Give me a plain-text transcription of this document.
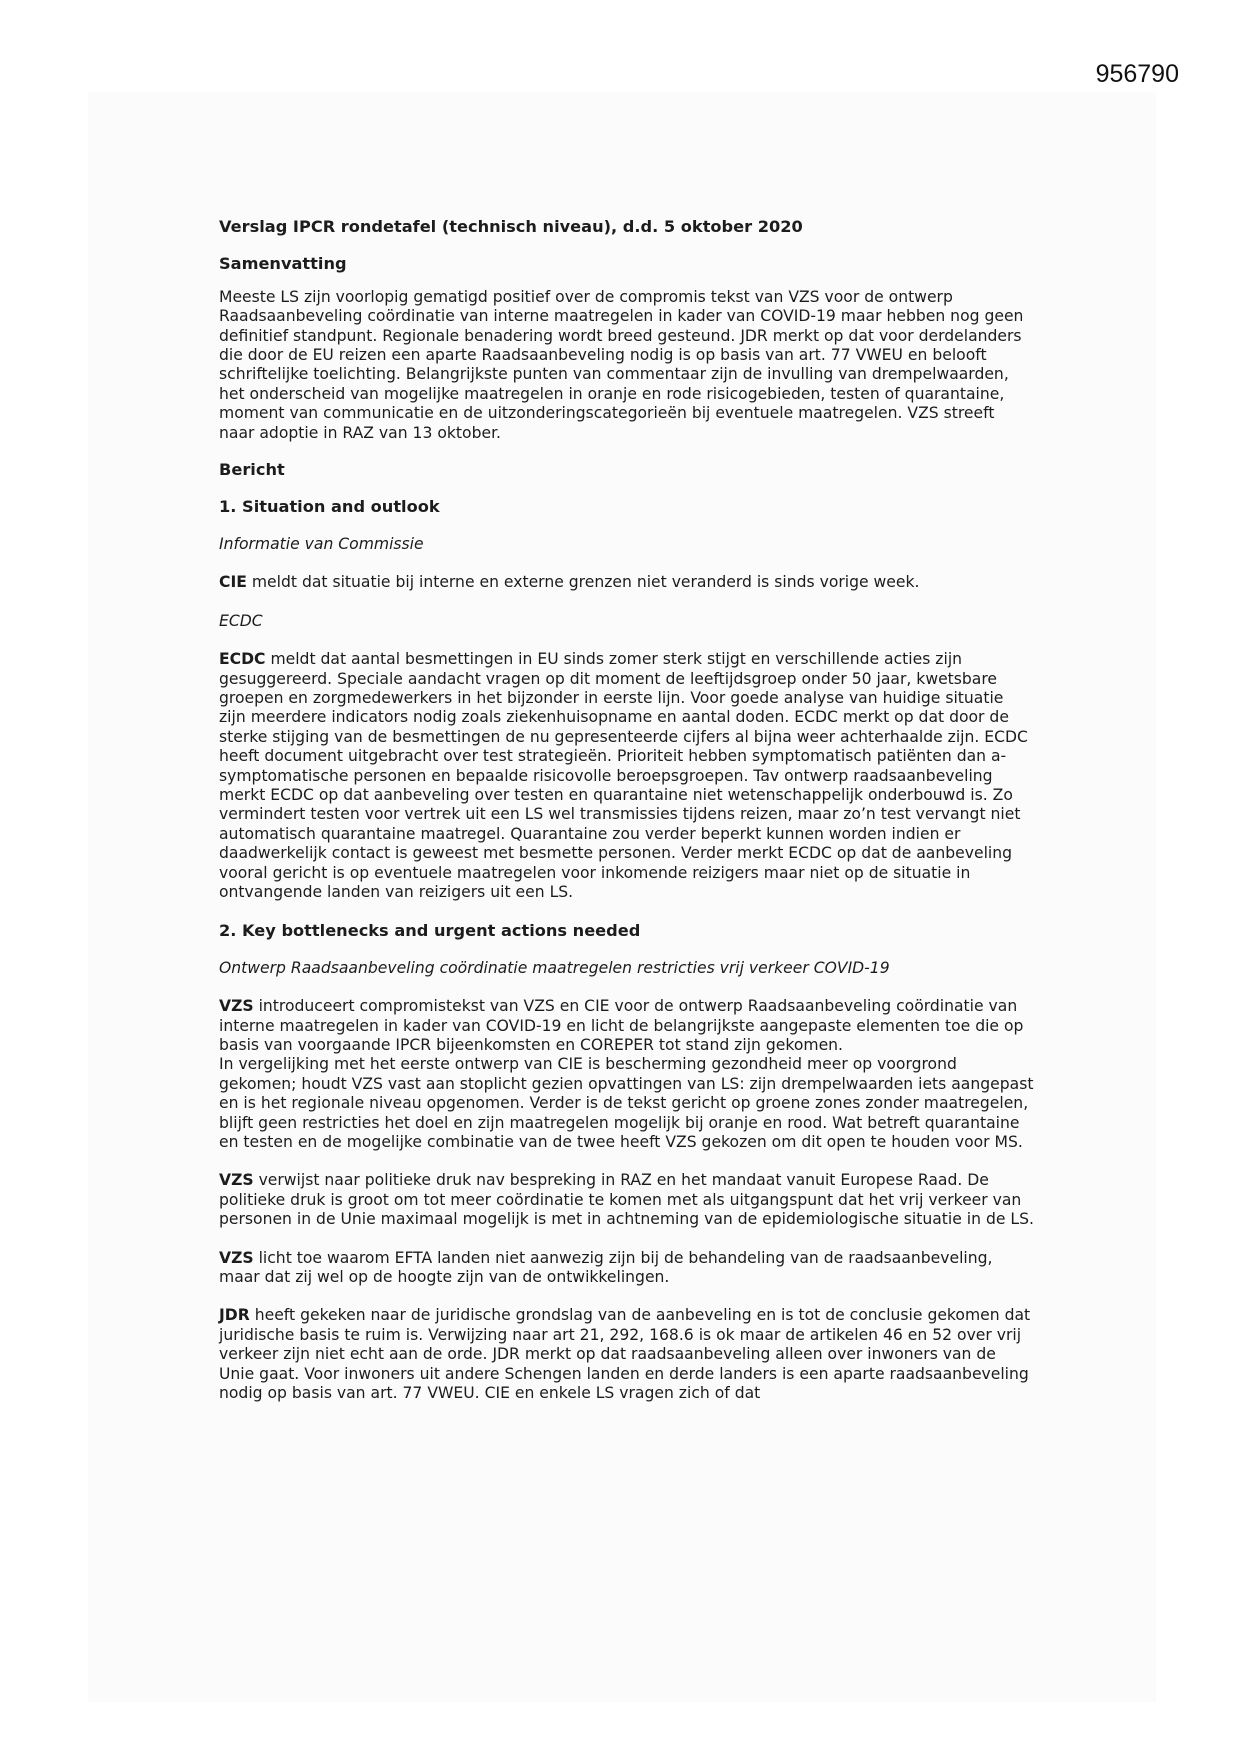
956790

Verslag IPCR rondetafel (technisch niveau), d.d. 5 oktober 2020

Samenvatting

Meeste LS zijn voorlopig gematigd positief over de compromis tekst van VZS voor de ontwerp Raadsaanbeveling coördinatie van interne maatregelen in kader van COVID-19 maar hebben nog geen definitief standpunt. Regionale benadering wordt breed gesteund. JDR merkt op dat voor derdelanders die door de EU reizen een aparte Raadsaanbeveling nodig is op basis van art. 77 VWEU en belooft schriftelijke toelichting. Belangrijkste punten van commentaar zijn de invulling van drempelwaarden, het onderscheid van mogelijke maatregelen in oranje en rode risicogebieden, testen of quarantaine, moment van communicatie en de uitzonderingscategorieën bij eventuele maatregelen. VZS streeft naar adoptie in RAZ van 13 oktober.

Bericht

1. Situation and outlook

Informatie van Commissie

CIE meldt dat situatie bij interne en externe grenzen niet veranderd is sinds vorige week.

ECDC

ECDC meldt dat aantal besmettingen in EU sinds zomer sterk stijgt en verschillende acties zijn gesuggereerd. Speciale aandacht vragen op dit moment de leeftijdsgroep onder 50 jaar, kwetsbare groepen en zorgmedewerkers in het bijzonder in eerste lijn. Voor goede analyse van huidige situatie zijn meerdere indicators nodig zoals ziekenhuisopname en aantal doden. ECDC merkt op dat door de sterke stijging van de besmettingen de nu gepresenteerde cijfers al bijna weer achterhaalde zijn. ECDC heeft document uitgebracht over test strategieën. Prioriteit hebben symptomatisch patiënten dan a-symptomatische personen en bepaalde risicovolle beroepsgroepen. Tav ontwerp raadsaanbeveling merkt ECDC op dat aanbeveling over testen en quarantaine niet wetenschappelijk onderbouwd is. Zo vermindert testen voor vertrek uit een LS wel transmissies tijdens reizen, maar zo’n test vervangt niet automatisch quarantaine maatregel. Quarantaine zou verder beperkt kunnen worden indien er daadwerkelijk contact is geweest met besmette personen. Verder merkt ECDC op dat de aanbeveling vooral gericht is op eventuele maatregelen voor inkomende reizigers maar niet op de situatie in ontvangende landen van reizigers uit een LS.

2. Key bottlenecks and urgent actions needed

Ontwerp Raadsaanbeveling coördinatie maatregelen restricties vrij verkeer COVID-19

VZS introduceert compromistekst van VZS en CIE voor de ontwerp Raadsaanbeveling coördinatie van interne maatregelen in kader van COVID-19 en licht de belangrijkste aangepaste elementen toe die op basis van voorgaande IPCR bijeenkomsten en COREPER tot stand zijn gekomen.

In vergelijking met het eerste ontwerp van CIE is bescherming gezondheid meer op voorgrond gekomen; houdt VZS vast aan stoplicht gezien opvattingen van LS: zijn drempelwaarden iets aangepast en is het regionale niveau opgenomen. Verder is de tekst gericht op groene zones zonder maatregelen, blijft geen restricties het doel en zijn maatregelen mogelijk bij oranje en rood. Wat betreft quarantaine en testen en de mogelijke combinatie van de twee heeft VZS gekozen om dit open te houden voor MS.

VZS verwijst naar politieke druk nav bespreking in RAZ en het mandaat vanuit Europese Raad. De politieke druk is groot om tot meer coördinatie te komen met als uitgangspunt dat het vrij verkeer van personen in de Unie maximaal mogelijk is met in achtneming van de epidemiologische situatie in de LS.

VZS licht toe waarom EFTA landen niet aanwezig zijn bij de behandeling van de raadsaanbeveling, maar dat zij wel op de hoogte zijn van de ontwikkelingen.

JDR heeft gekeken naar de juridische grondslag van de aanbeveling en is tot de conclusie gekomen dat juridische basis te ruim is. Verwijzing naar art 21, 292, 168.6 is ok maar de artikelen 46 en 52 over vrij verkeer zijn niet echt aan de orde. JDR merkt op dat raadsaanbeveling alleen over inwoners van de Unie gaat. Voor inwoners uit andere Schengen landen en derde landers is een aparte raadsaanbeveling nodig op basis van art. 77 VWEU. CIE en enkele LS vragen zich of dat
